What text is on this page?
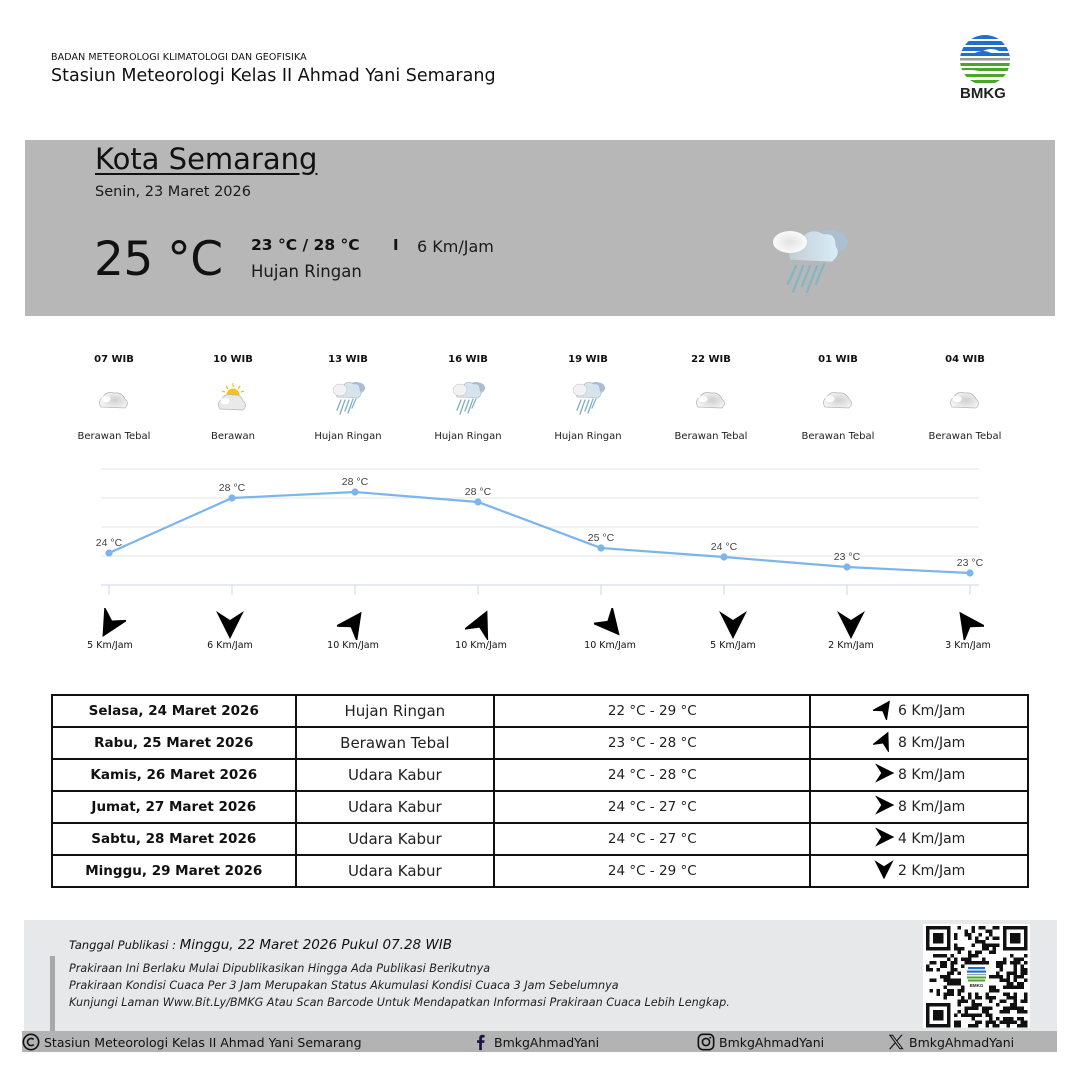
BADAN METEOROLOGI KLIMATOLOGI DAN GEOFISIKA
Stasiun Meteorologi Kelas II Ahmad Yani Semarang
BMKG
Kota Semarang
Senin, 23 Maret 2026
25 °C 23 °C / 28 °C I 6 Km/Jam
Hujan Ringan
07 WIB
Berawan Tebal
10 WIB
Berawan
13 WIB
Hujan Ringan
16 WIB
Hujan Ringan
19 WIB
Hujan Ringan
22 WIB
Berawan Tebal
01 WIB
Berawan Tebal
04 WIB
Berawan Tebal
24 °C
28 °C	28 °C
28 °C
25 °C
24 °C
23 °C	23 °C
5 Km/Jam	6 Km/Jam	10 Km/Jam	10 Km/Jam	10 Km/Jam	5 Km/Jam	2 Km/Jam	3 Km/Jam
Selasa, 24 Maret 2026	Hujan Ringan	22 °C - 29 °C	6 Km/Jam

Rabu, 25 Maret 2026	Berawan Tebal	23 °C - 28 °C	8 Km/Jam

Kamis, 26 Maret 2026	Udara Kabur	24 °C - 28 °C	8 Km/Jam

Jumat, 27 Maret 2026	Udara Kabur	24 °C - 27 °C	8 Km/Jam

Sabtu, 28 Maret 2026	Udara Kabur	24 °C - 27 °C	4 Km/Jam

Minggu, 29 Maret 2026	Udara Kabur	24 °C - 29 °C	2 Km/Jam
Tanggal Publikasi : Minggu, 22 Maret 2026 Pukul 07.28 WIB
Prakiraan Ini Berlaku Mulai Dipublikasikan Hingga Ada Publikasi Berikutnya
Prakiraan Kondisi Cuaca Per 3 Jam Merupakan Status Akumulasi Kondisi Cuaca 3 Jam Sebelumnya
Kunjungi Laman Www.Bit.Ly/BMKG Atau Scan Barcode Untuk Mendapatkan Informasi Prakiraan Cuaca Lebih Lengkap.
BMKG
Stasiun Meteorologi Kelas II Ahmad Yani Semarang	BmkgAhmadYani	BmkgAhmadYani	BmkgAhmadYani
